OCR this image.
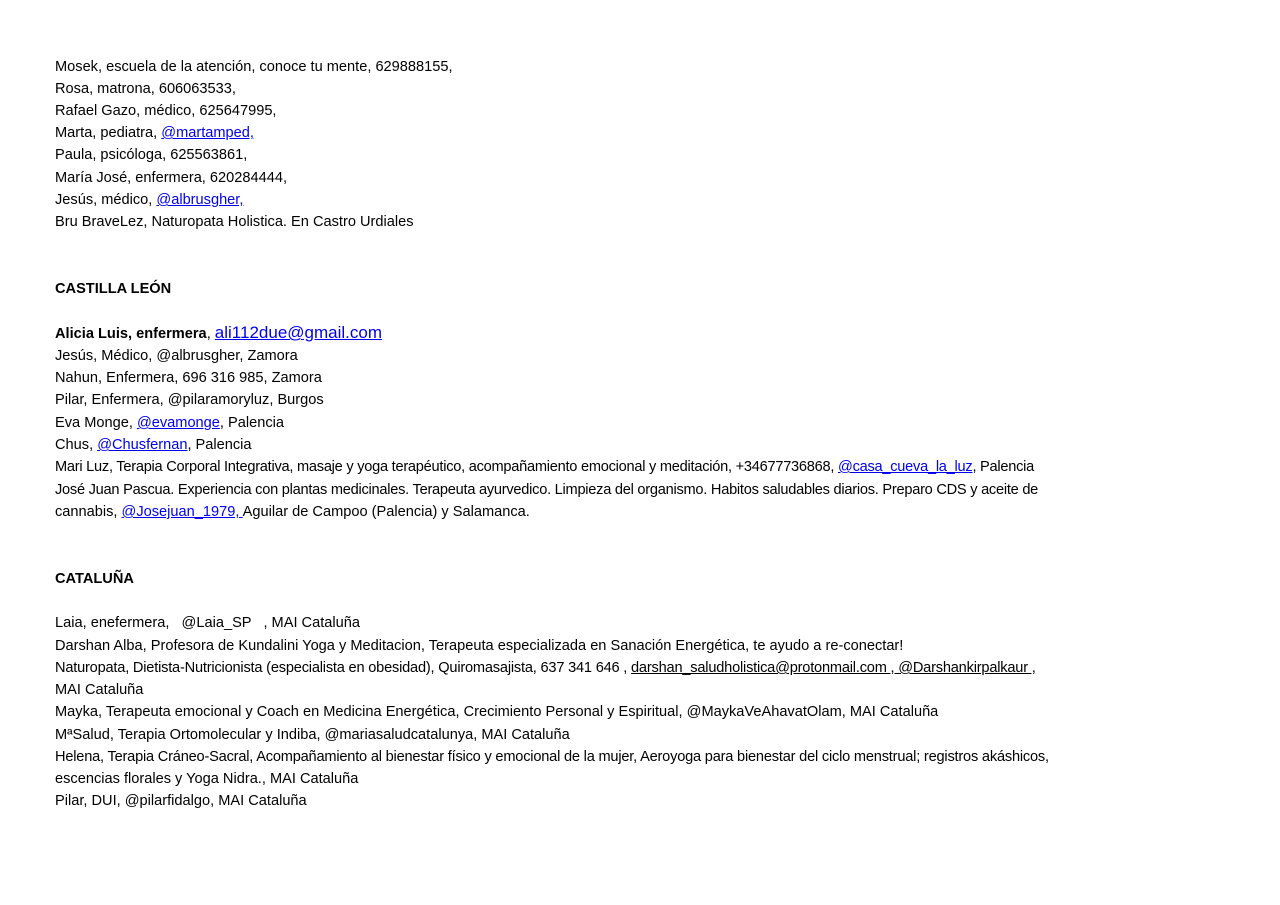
Mosek, escuela de la atención, conoce tu mente, 629888155,
Rosa, matrona, 606063533,
Rafael Gazo, médico, 625647995,
Marta, pediatra, @martamped,
Paula, psicóloga, 625563861,
María José, enfermera, 620284444,
Jesús, médico, @albrusgher,
Bru BraveLez, Naturopata Holistica. En Castro Urdiales
CASTILLA LEÓN
Alicia Luis, enfermera, ali112due@gmail.com
Jesús, Médico, @albrusgher, Zamora
Nahun, Enfermera, 696 316 985, Zamora
Pilar, Enfermera, @pilaramoryluz, Burgos
Eva Monge, @evamonge, Palencia
Chus, @Chusfernan, Palencia
Mari Luz, Terapia Corporal Integrativa, masaje y yoga terapéutico, acompañamiento emocional y meditación, +34677736868, @casa_cueva_la_luz, Palencia
José Juan Pascua. Experiencia con plantas medicinales. Terapeuta ayurvedico. Limpieza del organismo. Habitos saludables diarios. Preparo CDS y aceite de
cannabis, @Josejuan_1979, Aguilar de Campoo (Palencia) y Salamanca.
CATALUÑA
Laia, enefermera,   @Laia_SP   , MAI Cataluña
Darshan Alba, Profesora de Kundalini Yoga y Meditacion, Terapeuta especializada en Sanación Energética, te ayudo a re-conectar!
Naturopata, Dietista-Nutricionista (especialista en obesidad), Quiromasajista, 637 341 646 , darshan_saludholistica@protonmail.com , @Darshankirpalkaur ,
MAI Cataluña
Mayka, Terapeuta emocional y Coach en Medicina Energética, Crecimiento Personal y Espiritual, @MaykaVeAhavatOlam, MAI Cataluña
MªSalud, Terapia Ortomolecular y Indiba, @mariasaludcatalunya, MAI Cataluña
Helena, Terapia Cráneo-Sacral, Acompañamiento al bienestar físico y emocional de la mujer, Aeroyoga para bienestar del ciclo menstrual; registros akáshicos,
escencias florales y Yoga Nidra., MAI Cataluña
Pilar, DUI, @pilarfidalgo, MAI Cataluña
